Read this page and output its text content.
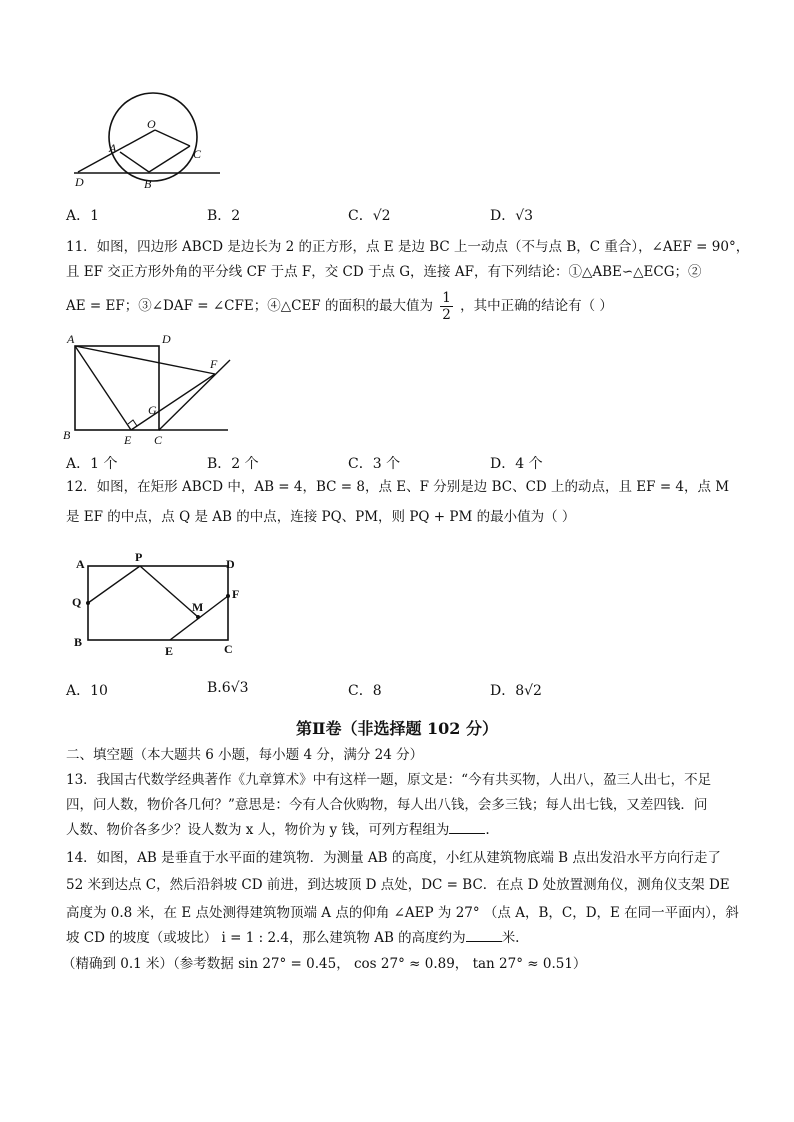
O
A	C
D	B
A．1	B．2	C．√2	D．√3
11．如图，四边形 ABCD 是边长为 2 的正方形，点 E 是边 BC 上一动点（不与点 B，C 重合），∠AEF = 90°，
且 EF 交正方形外角的平分线 CF 于点 F，交 CD 于点 G，连接 AF，有下列结论：①△ABE∽△ECG；②
AE = EF；③∠DAF = ∠CFE；④△CEF 的面积的最大值为 $\frac{1}{2}$ ，其中正确的结论有（ ）
A	D
F
G
B	E C
A．1 个	B．2 个	C．3 个	D．4 个
12．如图，在矩形 ABCD 中，AB = 4，BC = 8，点 E、F 分别是边 BC、CD 上的动点，且 EF = 4，点 M
是 EF 的中点，点 Q 是 AB 的中点，连接 PQ、PM，则 PQ + PM 的最小值为（ ）
A	P	D
Q
F
M
B
E	C
A．10	B.6√3	C．8	D．8√2
第Ⅱ卷（非选择题 102 分）
二、填空题（本大题共 6 小题，每小题 4 分，满分 24 分）
13．我国古代数学经典著作《九章算术》中有这样一题，原文是：“今有共买物，人出八，盈三人出七，不足
四，问人数，物价各几何？”意思是：今有人合伙购物，每人出八钱，会多三钱；每人出七钱，又差四钱．问
人数、物价各多少？设人数为 x 人，物价为 y 钱，可列方程组为	.
14．如图，AB 是垂直于水平面的建筑物．为测量 AB 的高度，小红从建筑物底端 B 点出发沿水平方向行走了
52 米到达点 C，然后沿斜坡 CD 前进，到达坡顶 D 点处，DC = BC．在点 D 处放置测角仪，测角仪支架 DE
高度为 0.8 米，在 E 点处测得建筑物顶端 A 点的仰角 ∠AEP 为 27° （点 A，B，C，D，E 在同一平面内），斜
坡 CD 的坡度（或坡比） i = 1 : 2.4，那么建筑物 AB 的高度约为	米.
（精确到 0.1 米）（参考数据 sin 27° = 0.45， cos 27° ≈ 0.89， tan 27° ≈ 0.51）
